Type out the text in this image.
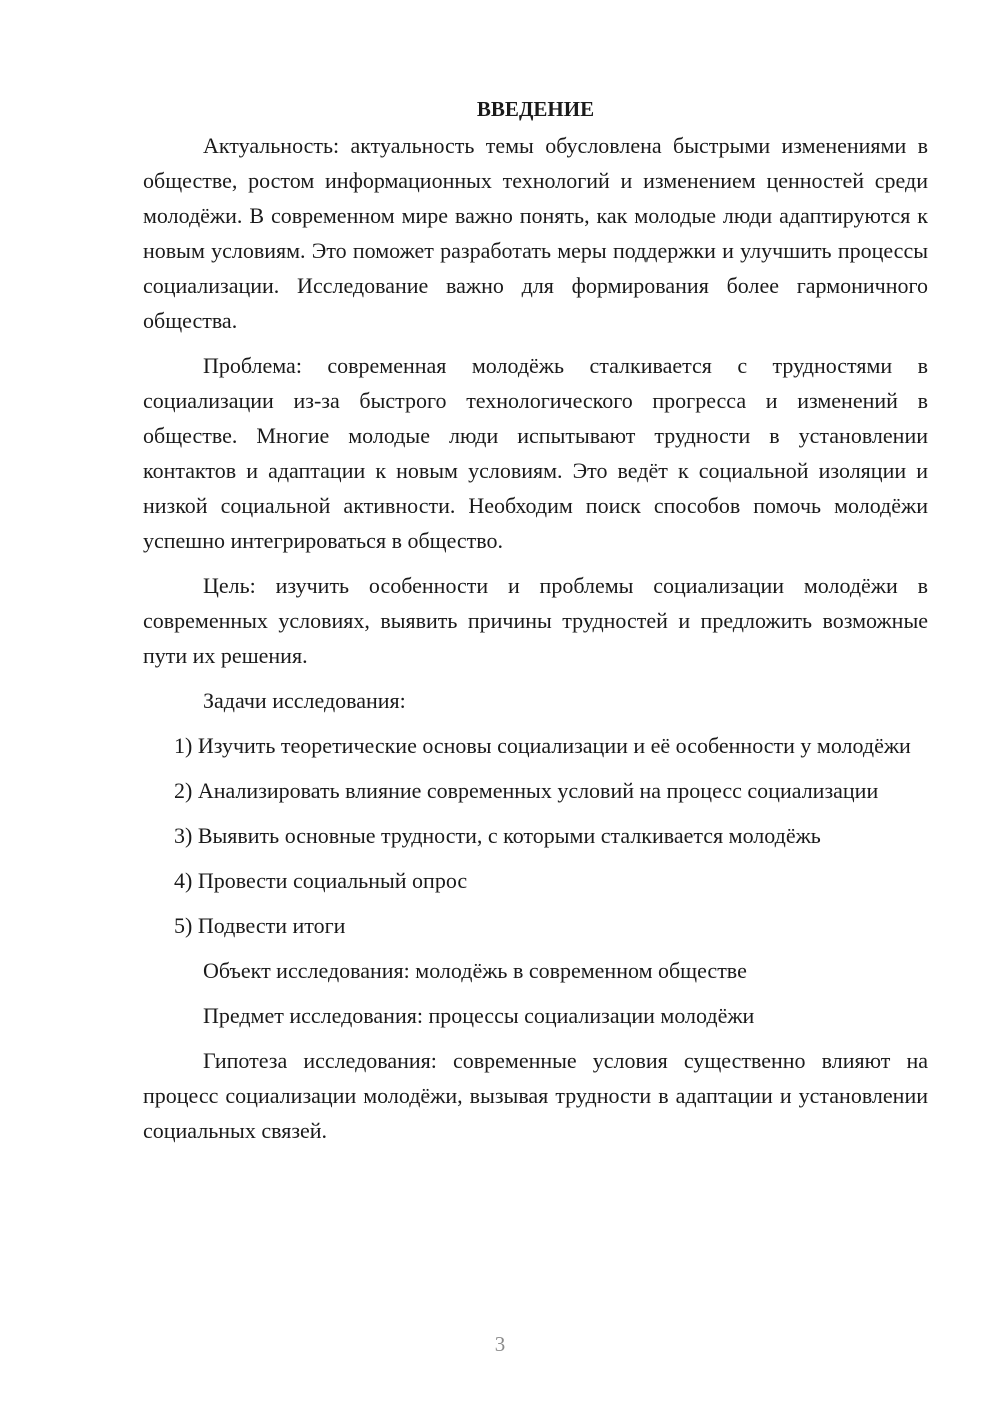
ВВЕДЕНИЕ

Актуальность: актуальность темы обусловлена быстрыми изменениями в обществе, ростом информационных технологий и изменением ценностей среди молодёжи. В современном мире важно понять, как молодые люди адаптируются к новым условиям. Это поможет разработать меры поддержки и улучшить процессы социализации. Исследование важно для формирования более гармоничного общества.

Проблема: современная молодёжь сталкивается с трудностями в социализации из-за быстрого технологического прогресса и изменений в обществе. Многие молодые люди испытывают трудности в установлении контактов и адаптации к новым условиям. Это ведёт к социальной изоляции и низкой социальной активности. Необходим поиск способов помочь молодёжи успешно интегрироваться в общество.

Цель: изучить особенности и проблемы социализации молодёжи в современных условиях, выявить причины трудностей и предложить возможные пути их решения.

Задачи исследования:

1) Изучить теоретические основы социализации и её особенности у молодёжи

2) Анализировать влияние современных условий на процесс социализации

3) Выявить основные трудности, с которыми сталкивается молодёжь

4) Провести социальный опрос

5) Подвести итоги

Объект исследования: молодёжь в современном обществе

Предмет исследования: процессы социализации молодёжи

Гипотеза исследования: современные условия существенно влияют на процесс социализации молодёжи, вызывая трудности в адаптации и установлении социальных связей.

3
